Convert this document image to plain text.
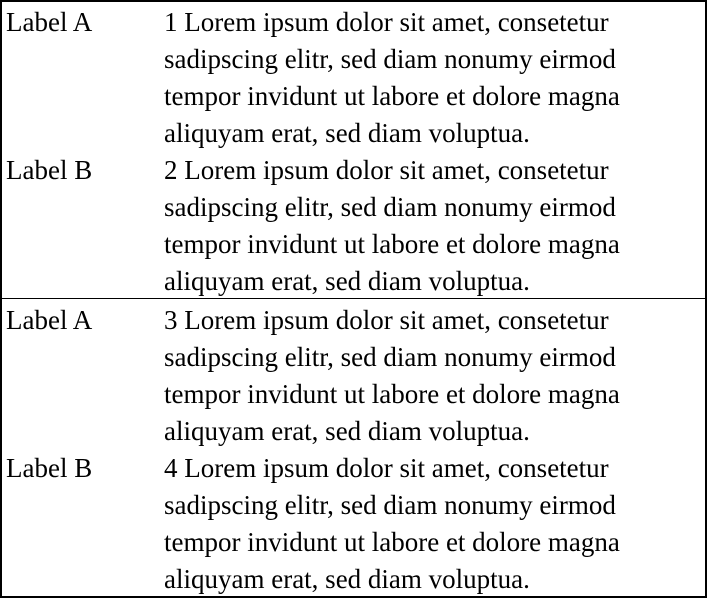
Label A	1 Lorem ipsum dolor sit amet, consetetur
sadipscing elitr, sed diam nonumy eirmod
tempor invidunt ut labore et dolore magna
aliquyam erat, sed diam voluptua.
Label B	2 Lorem ipsum dolor sit amet, consetetur
sadipscing elitr, sed diam nonumy eirmod
tempor invidunt ut labore et dolore magna
aliquyam erat, sed diam voluptua.
Label A	3 Lorem ipsum dolor sit amet, consetetur
sadipscing elitr, sed diam nonumy eirmod
tempor invidunt ut labore et dolore magna
aliquyam erat, sed diam voluptua.
Label B	4 Lorem ipsum dolor sit amet, consetetur
sadipscing elitr, sed diam nonumy eirmod
tempor invidunt ut labore et dolore magna
aliquyam erat, sed diam voluptua.
